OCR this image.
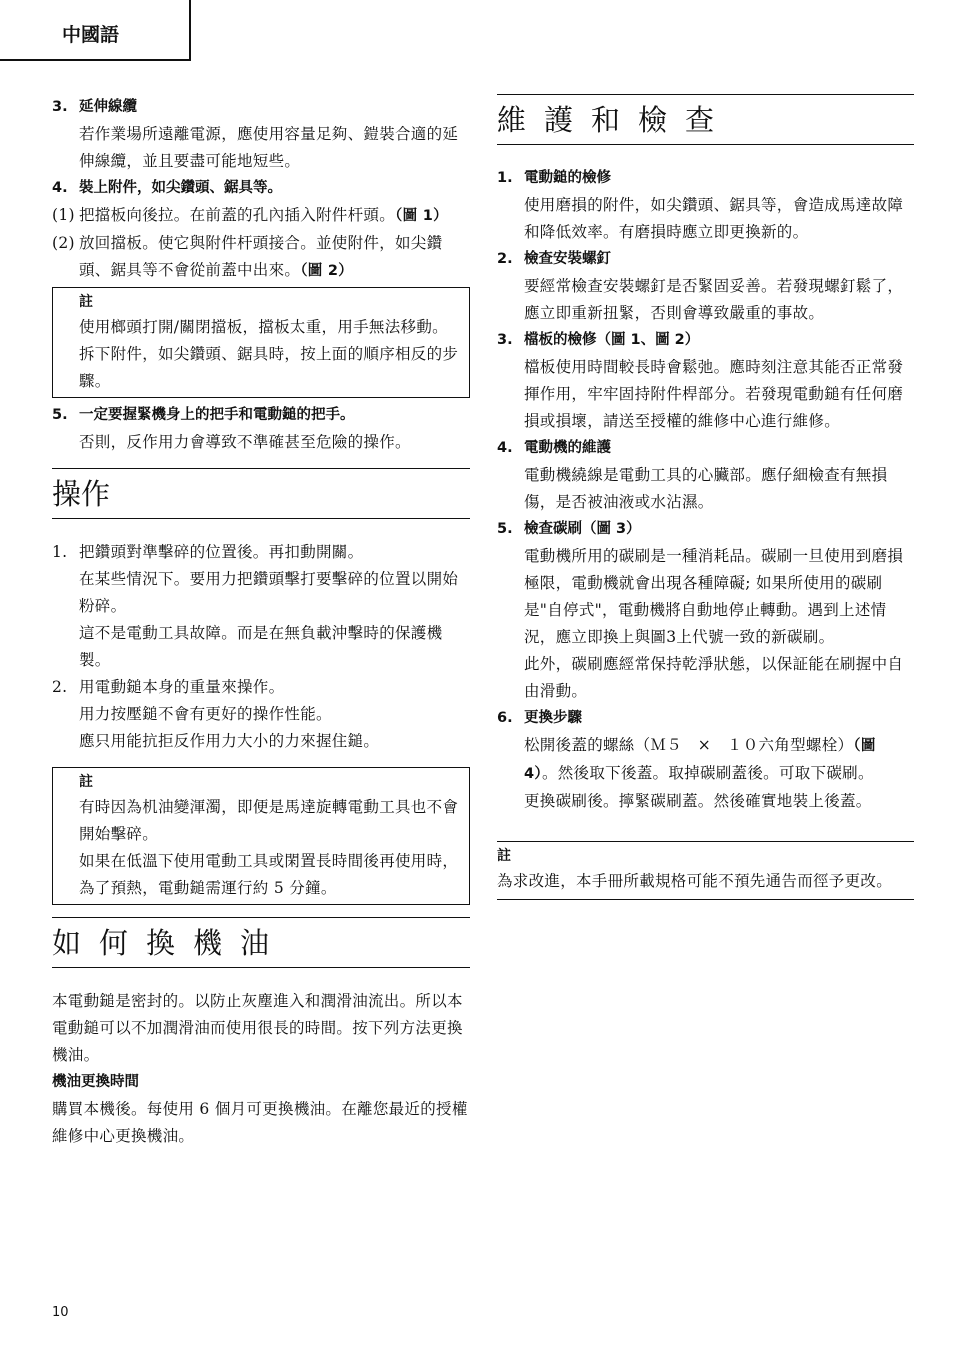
中國語
3. 延伸線纜
若作業場所遠離電源，應使用容量足夠、鎧裝合適的延伸線纜，並且要盡可能地短些。
4. 裝上附件，如尖鑽頭、鋸具等。
(1) 把擋板向後拉。在前蓋的孔內插入附件杆頭。（圖 1）
(2) 放回擋板。使它與附件杆頭接合。並使附件，如尖鑽頭、鋸具等不會從前蓋中出來。（圖 2）
註
使用榔頭打開/關閉擋板，擋板太重，用手無法移動。
拆下附件，如尖鑽頭、鋸具時，按上面的順序相反的步驟。
5. 一定要握緊機身上的把手和電動鎚的把手。
否則，反作用力會導致不準確甚至危險的操作。
操作
1. 把鑽頭對準擊碎的位置後。再扣動開關。
在某些情況下。要用力把鑽頭擊打要擊碎的位置以開始粉碎。
這不是電動工具故障。而是在無負載沖擊時的保護機製。
2. 用電動鎚本身的重量來操作。
用力按壓鎚不會有更好的操作性能。
應只用能抗拒反作用力大小的力來握住鎚。
註
有時因為机油變渾濁，即便是馬達旋轉電動工具也不會開始擊碎。
如果在低溫下使用電動工具或閑置長時間後再使用時，為了預熱，電動鎚需運行約 5 分鐘。
如何換機油
本電動鎚是密封的。以防止灰塵進入和潤滑油流出。所以本電動鎚可以不加潤滑油而使用很長的時間。按下列方法更換機油。
機油更換時間
購買本機後。每使用 6 個月可更換機油。在離您最近的授權維修中心更換機油。
維護和檢查
1. 電動鎚的檢修
使用磨損的附件，如尖鑽頭、鋸具等，會造成馬達故障和降低效率。有磨損時應立即更換新的。
2. 檢查安裝螺釘
要經常檢查安裝螺釘是否緊固妥善。若發現螺釘鬆了，應立即重新扭緊，否則會導致嚴重的事故。
3. 檔板的檢修（圖 1、圖 2）
檔板使用時間較長時會鬆弛。應時刻注意其能否正常發揮作用，牢牢固持附件桿部分。若發現電動鎚有任何磨損或損壞，請送至授權的維修中心進行維修。
4. 電動機的維護
電動機繞線是電動工具的心臟部。應仔細檢查有無損傷，是否被油液或水沾濕。
5. 檢查碳刷（圖 3）
電動機所用的碳刷是一種消耗品。碳刷一旦使用到磨損極限，電動機就會出現各種障礙; 如果所使用的碳刷是"自停式"，電動機將自動地停止轉動。遇到上述情況，應立即換上與圖3上代號一致的新碳刷。
此外，碳刷應經常保持乾淨狀態，以保証能在刷握中自由滑動。
6. 更換步驟
松開後蓋的螺絲（Ｍ５　×　１０六角型螺栓）（圖 4）。然後取下後蓋。取掉碳刷蓋後。可取下碳刷。
更換碳刷後。擰緊碳刷蓋。然後確實地裝上後蓋。
註
為求改進，本手冊所載規格可能不預先通告而徑予更改。
10
